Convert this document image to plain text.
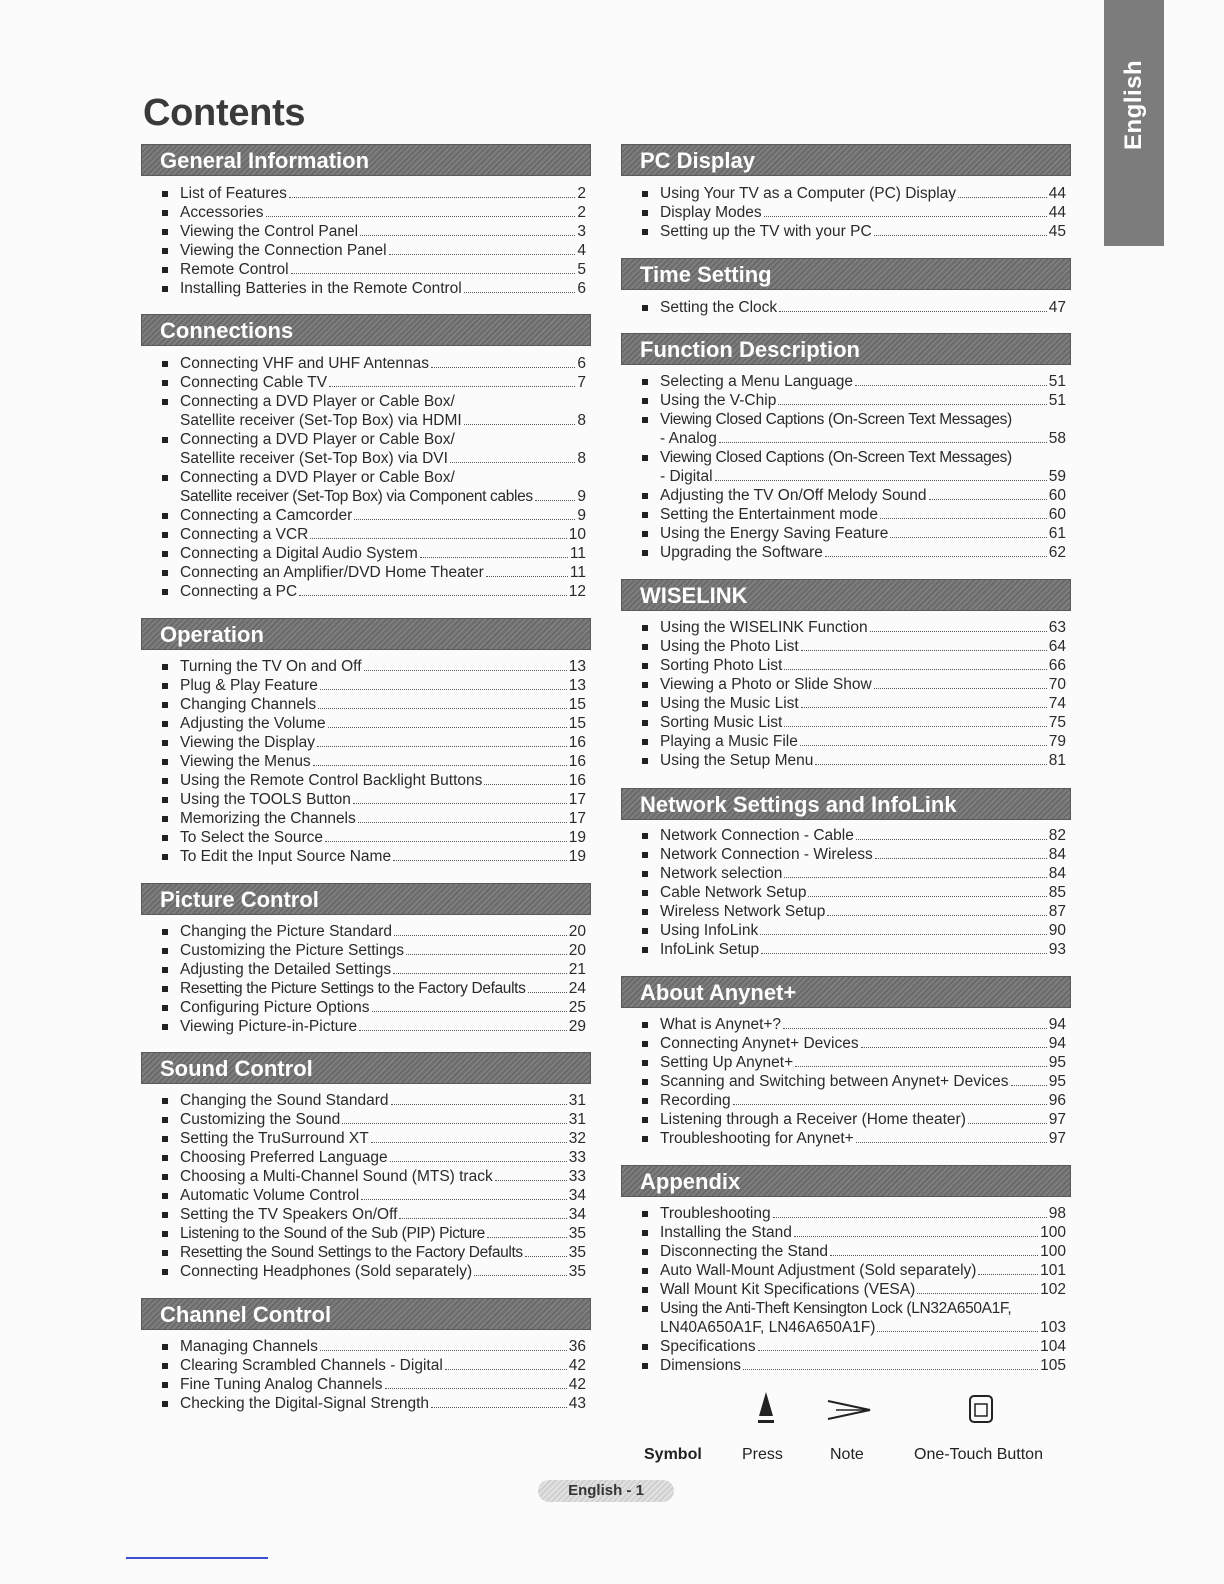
English
Contents
General Information
List of Features	2
Accessories	2
Viewing the Control Panel	3
Viewing the Connection Panel	4
Remote Control	5
Installing Batteries in the Remote Control	6
Connections
Connecting VHF and UHF Antennas	6
Connecting Cable TV	7
Connecting a DVD Player or Cable Box/
Satellite receiver (Set-Top Box) via HDMI	8
Connecting a DVD Player or Cable Box/
Satellite receiver (Set-Top Box) via DVI	8
Connecting a DVD Player or Cable Box/
Satellite receiver (Set-Top Box) via Component cables	9
Connecting a Camcorder	9
Connecting a VCR	10
Connecting a Digital Audio System	11
Connecting an Amplifier/DVD Home Theater	11
Connecting a PC	12
Operation
Turning the TV On and Off	13
Plug & Play Feature	13
Changing Channels	15
Adjusting the Volume	15
Viewing the Display	16
Viewing the Menus	16
Using the Remote Control Backlight Buttons	16
Using the TOOLS Button	17
Memorizing the Channels	17
To Select the Source	19
To Edit the Input Source Name	19
Picture Control
Changing the Picture Standard	20
Customizing the Picture Settings	20
Adjusting the Detailed Settings	21
Resetting the Picture Settings to the Factory Defaults	24
Configuring Picture Options	25
Viewing Picture-in-Picture	29
Sound Control
Changing the Sound Standard	31
Customizing the Sound	31
Setting the TruSurround XT	32
Choosing Preferred Language	33
Choosing a Multi-Channel Sound (MTS) track	33
Automatic Volume Control	34
Setting the TV Speakers On/Off	34
Listening to the Sound of the Sub (PIP) Picture	35
Resetting the Sound Settings to the Factory Defaults	35
Connecting Headphones (Sold separately)	35
Channel Control
Managing Channels	36
Clearing Scrambled Channels - Digital	42
Fine Tuning Analog Channels	42
Checking the Digital-Signal Strength	43
PC Display
Using Your TV as a Computer (PC) Display	44
Display Modes	44
Setting up the TV with your PC	45
Time Setting
Setting the Clock	47
Function Description
Selecting a Menu Language	51
Using the V-Chip	51
Viewing Closed Captions (On-Screen Text Messages)
- Analog	58
Viewing Closed Captions (On-Screen Text Messages)
- Digital	59
Adjusting the TV On/Off Melody Sound	60
Setting the Entertainment mode	60
Using the Energy Saving Feature	61
Upgrading the Software	62
WISELINK
Using the WISELINK Function	63
Using the Photo List	64
Sorting Photo List	66
Viewing a Photo or Slide Show	70
Using the Music List	74
Sorting Music List	75
Playing a Music File	79
Using the Setup Menu	81
Network Settings and InfoLink
Network Connection - Cable	82
Network Connection - Wireless	84
Network selection	84
Cable Network Setup	85
Wireless Network Setup	87
Using InfoLink	90
InfoLink Setup	93
About Anynet+
What is Anynet+?	94
Connecting Anynet+ Devices	94
Setting Up Anynet+	95
Scanning and Switching between Anynet+ Devices	95
Recording	96
Listening through a Receiver (Home theater)	97
Troubleshooting for Anynet+	97
Appendix
Troubleshooting	98
Installing the Stand	100
Disconnecting the Stand	100
Auto Wall-Mount Adjustment (Sold separately)	101
Wall Mount Kit Specifications (VESA)	102
Using the Anti-Theft Kensington Lock (LN32A650A1F,
LN40A650A1F, LN46A650A1F)	103
Specifications	104
Dimensions	105
Symbol	Press	Note	One-Touch Button
English - 1
